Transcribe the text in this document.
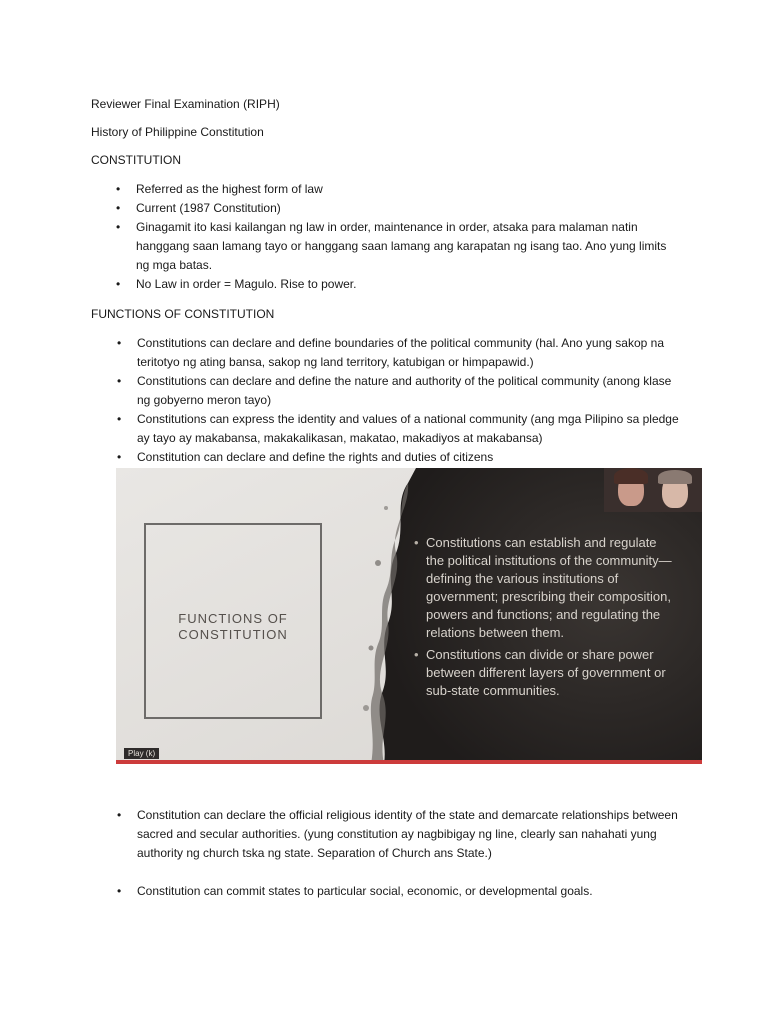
Reviewer Final Examination (RIPH)
History of Philippine Constitution
CONSTITUTION
• Referred as the highest form of law
• Current (1987 Constitution)
• Ginagamit ito kasi kailangan ng law in order, maintenance in order, atsaka para malaman natin hanggang saan lamang tayo or hanggang saan lamang ang karapatan ng isang tao. Ano yung limits ng mga batas.
• No Law in order = Magulo. Rise to power.
FUNCTIONS OF CONSTITUTION
• Constitutions can declare and define boundaries of the political community (hal. Ano yung sakop na teritotyo ng ating bansa, sakop ng land territory, katubigan or himpapawid.)
• Constitutions can declare and define the nature and authority of the political community (anong klase ng gobyerno meron tayo)
• Constitutions can express the identity and values of a national community (ang mga Pilipino sa pledge ay tayo ay makabansa, makakalikasan, makatao, makadiyos at makabansa)
• Constitution can declare and define the rights and duties of citizens
FUNCTIONS OF CONSTITUTION
• Constitutions can establish and regulate the political institutions of the community—defining the various institutions of government; prescribing their composition, powers and functions; and regulating the relations between them.
• Constitutions can divide or share power between different layers of government or sub-state communities.
Play (k)
• Constitution can declare the official religious identity of the state and demarcate relationships between sacred and secular authorities. (yung constitution ay nagbibigay ng line, clearly san nahahati yung authority ng church tska ng state. Separation of Church ans State.)
• Constitution can commit states to particular social, economic, or developmental goals.
